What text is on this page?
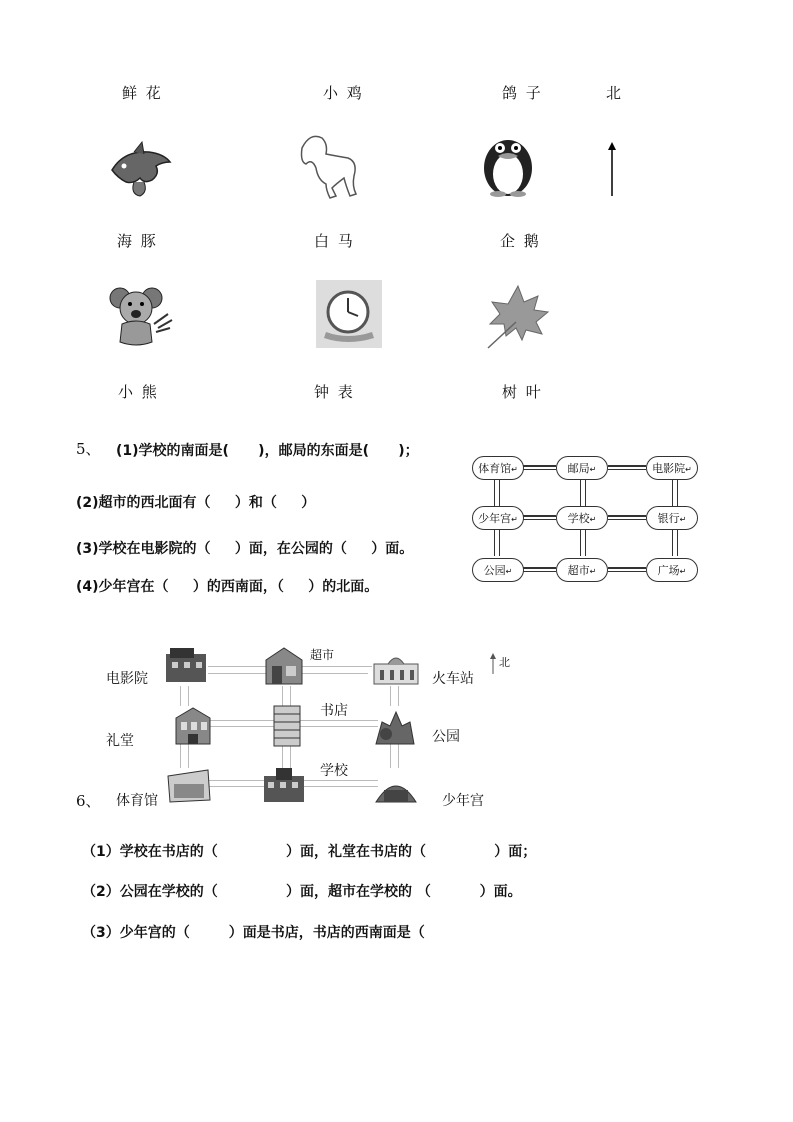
鲜 花	小 鸡	鸽 子	北
海 豚	白 马	企 鹅
小 熊	钟 表	树 叶
5、 (1)学校的南面是(      )，邮局的东面是(      )；
(2)超市的西北面有（     ）和（     ）
(3)学校在电影院的（     ）面，在公园的（     ）面。
(4)少年宫在（     ）的西南面，（     ）的北面。
体育馆↵	邮局↵	电影院↵
少年宫↵	学校↵	银行↵
公园↵	超市↵	广场↵
北
电影院
超市
火车站
书店
礼堂	公园
学校
体育馆	少年宫
6、
（1）学校在书店的（              ）面，礼堂在书店的（              ）面；
（2）公园在学校的（              ）面，超市在学校的 （          ）面。
（3）少年宫的（        ）面是书店，书店的西南面是（
